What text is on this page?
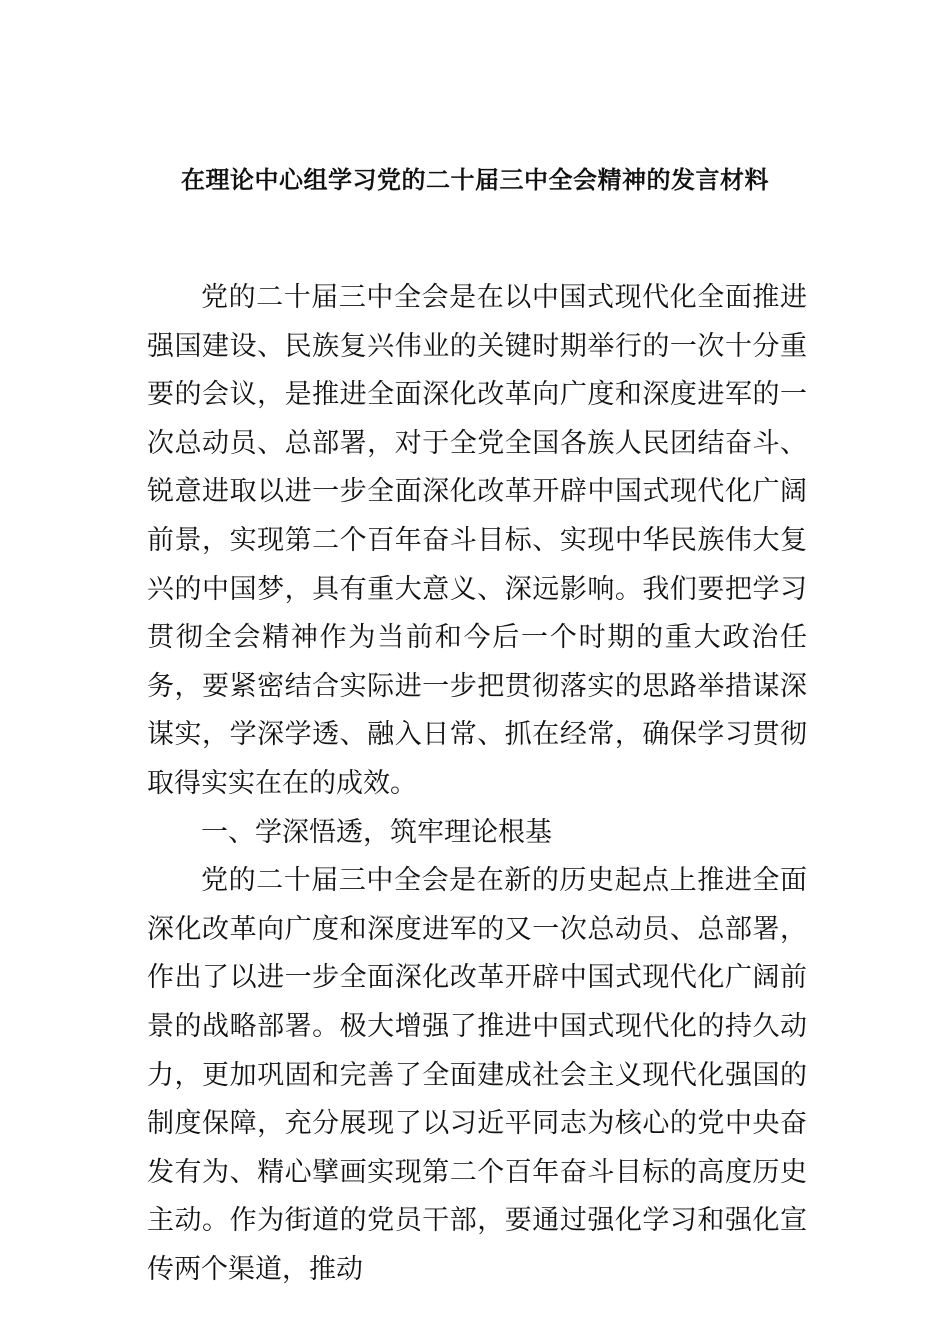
在理论中心组学习党的二十届三中全会精神的发言材料

党的二十届三中全会是在以中国式现代化全面推进强国建设、民族复兴伟业的关键时期举行的一次十分重要的会议，是推进全面深化改革向广度和深度进军的一次总动员、总部署，对于全党全国各族人民团结奋斗、锐意进取以进一步全面深化改革开辟中国式现代化广阔前景，实现第二个百年奋斗目标、实现中华民族伟大复兴的中国梦，具有重大意义、深远影响。我们要把学习贯彻全会精神作为当前和今后一个时期的重大政治任务，要紧密结合实际进一步把贯彻落实的思路举措谋深谋实，学深学透、融入日常、抓在经常，确保学习贯彻取得实实在在的成效。

一、学深悟透，筑牢理论根基

党的二十届三中全会是在新的历史起点上推进全面深化改革向广度和深度进军的又一次总动员、总部署，作出了以进一步全面深化改革开辟中国式现代化广阔前景的战略部署。极大增强了推进中国式现代化的持久动力，更加巩固和完善了全面建成社会主义现代化强国的制度保障，充分展现了以习近平同志为核心的党中央奋发有为、精心擘画实现第二个百年奋斗目标的高度历史主动。作为街道的党员干部，要通过强化学习和强化宣传两个渠道，推动
